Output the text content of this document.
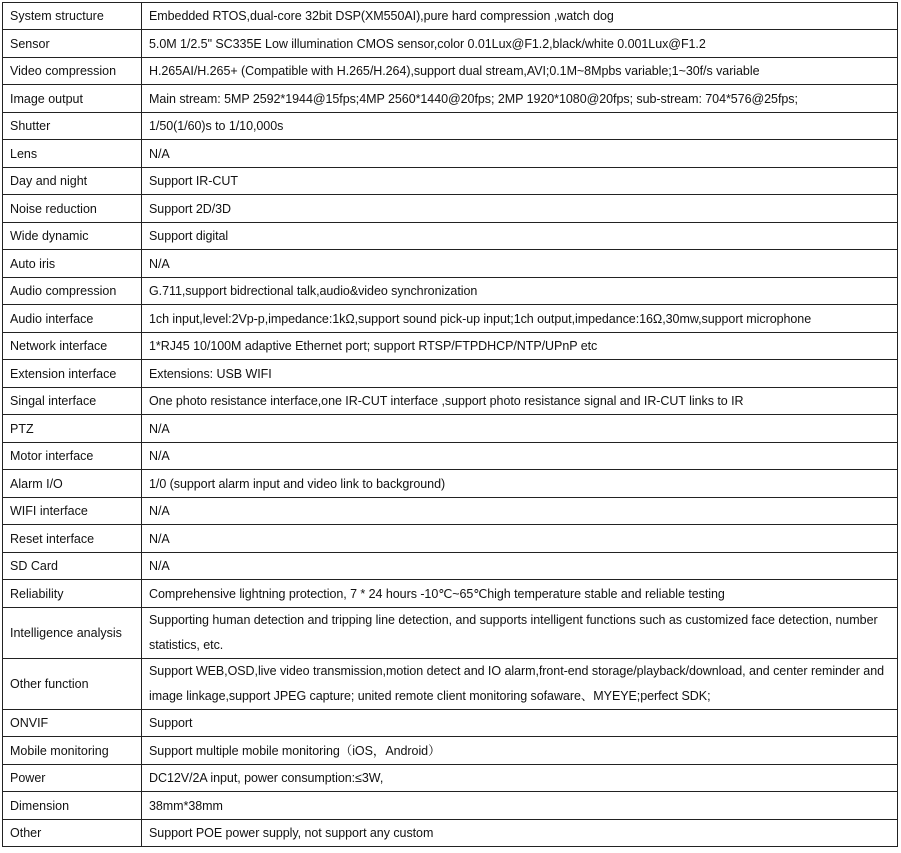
System structure	Embedded RTOS,dual-core 32bit DSP(XM550AI),pure hard compression ,watch dog
Sensor	5.0M 1/2.5" SC335E Low illumination CMOS sensor,color 0.01Lux@F1.2,black/white 0.001Lux@F1.2
Video compression	H.265AI/H.265+ (Compatible with H.265/H.264),support dual stream,AVI;0.1M~8Mpbs variable;1~30f/s variable
Image output	Main stream: 5MP 2592*1944@15fps;4MP 2560*1440@20fps; 2MP 1920*1080@20fps; sub-stream: 704*576@25fps;
Shutter	1/50(1/60)s to 1/10,000s
Lens	N/A
Day and night	Support IR-CUT
Noise reduction	Support 2D/3D
Wide dynamic	Support digital
Auto iris	N/A
Audio compression	G.711,support bidrectional talk,audio&video synchronization
Audio interface	1ch input,level:2Vp-p,impedance:1kΩ,support sound pick-up input;1ch output,impedance:16Ω,30mw,support microphone
Network interface	1*RJ45 10/100M adaptive Ethernet port; support RTSP/FTPDHCP/NTP/UPnP etc
Extension interface	Extensions: USB WIFI
Singal interface	One photo resistance interface,one IR-CUT interface ,support photo resistance signal and IR-CUT links to IR
PTZ	N/A
Motor interface	N/A
Alarm I/O	1/0 (support alarm input and video link to background)
WIFI interface	N/A
Reset interface	N/A
SD Card	N/A
Reliability	Comprehensive lightning protection, 7 * 24 hours -10℃~65℃high temperature stable and reliable testing
Intelligence analysis	Supporting human detection and tripping line detection, and supports intelligent functions such as customized face detection, number statistics, etc.
Other function	Support WEB,OSD,live video transmission,motion detect and IO alarm,front-end storage/playback/download, and center reminder and image linkage,support JPEG capture; united remote client monitoring sofaware、MYEYE;perfect SDK;
ONVIF	Support
Mobile monitoring	Support multiple mobile monitoring（iOS，Android）
Power	DC12V/2A input, power consumption:≤3W,
Dimension	38mm*38mm
Other	Support POE power supply, not support any custom
